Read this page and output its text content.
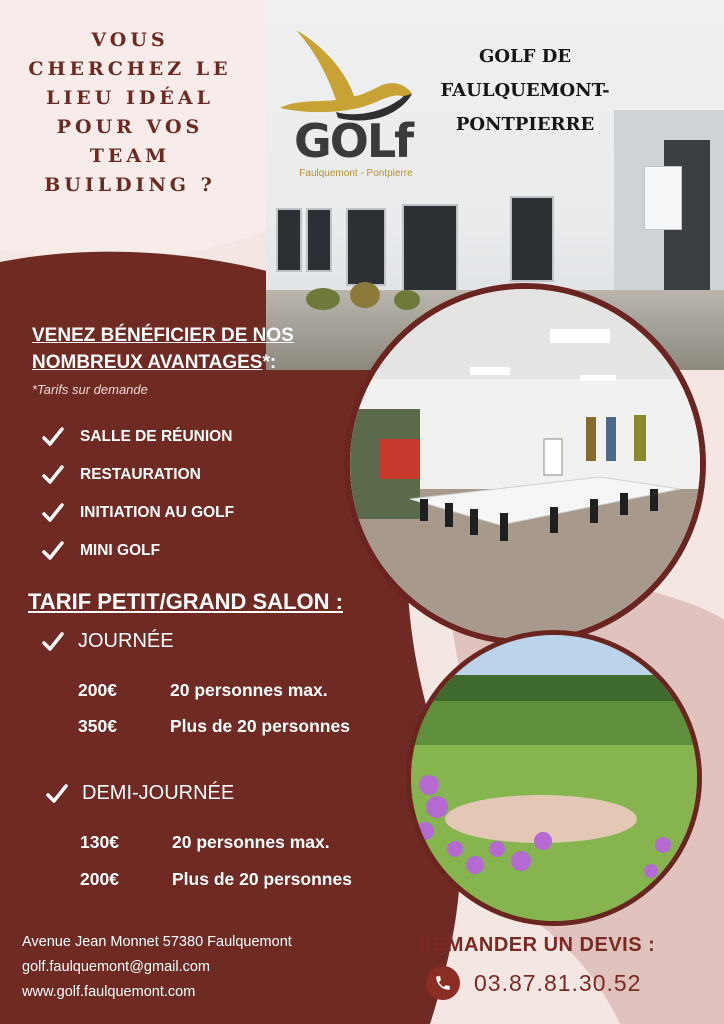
GOLf
Faulquemont - Pontpierre
VOUS
CHERCHEZ LE
LIEU IDÉAL
POUR VOS
TEAM
BUILDING ?
GOLF DE
FAULQUEMONT-
PONTPIERRE
VENEZ BÉNÉFICIER DE NOS
NOMBREUX AVANTAGES*:
*Tarifs sur demande
SALLE DE RÉUNION
RESTAURATION
INITIATION AU GOLF
MINI GOLF
TARIF PETIT/GRAND SALON :
JOURNÉE
200€	20 personnes max.
350€	Plus de 20 personnes
DEMI-JOURNÉE
130€	20 personnes max.
200€	Plus de 20 personnes
Avenue Jean Monnet 57380 Faulquemont
golf.faulquemont@gmail.com
www.golf.faulquemont.com
DEMANDER UN DEVIS :
03.87.81.30.52
